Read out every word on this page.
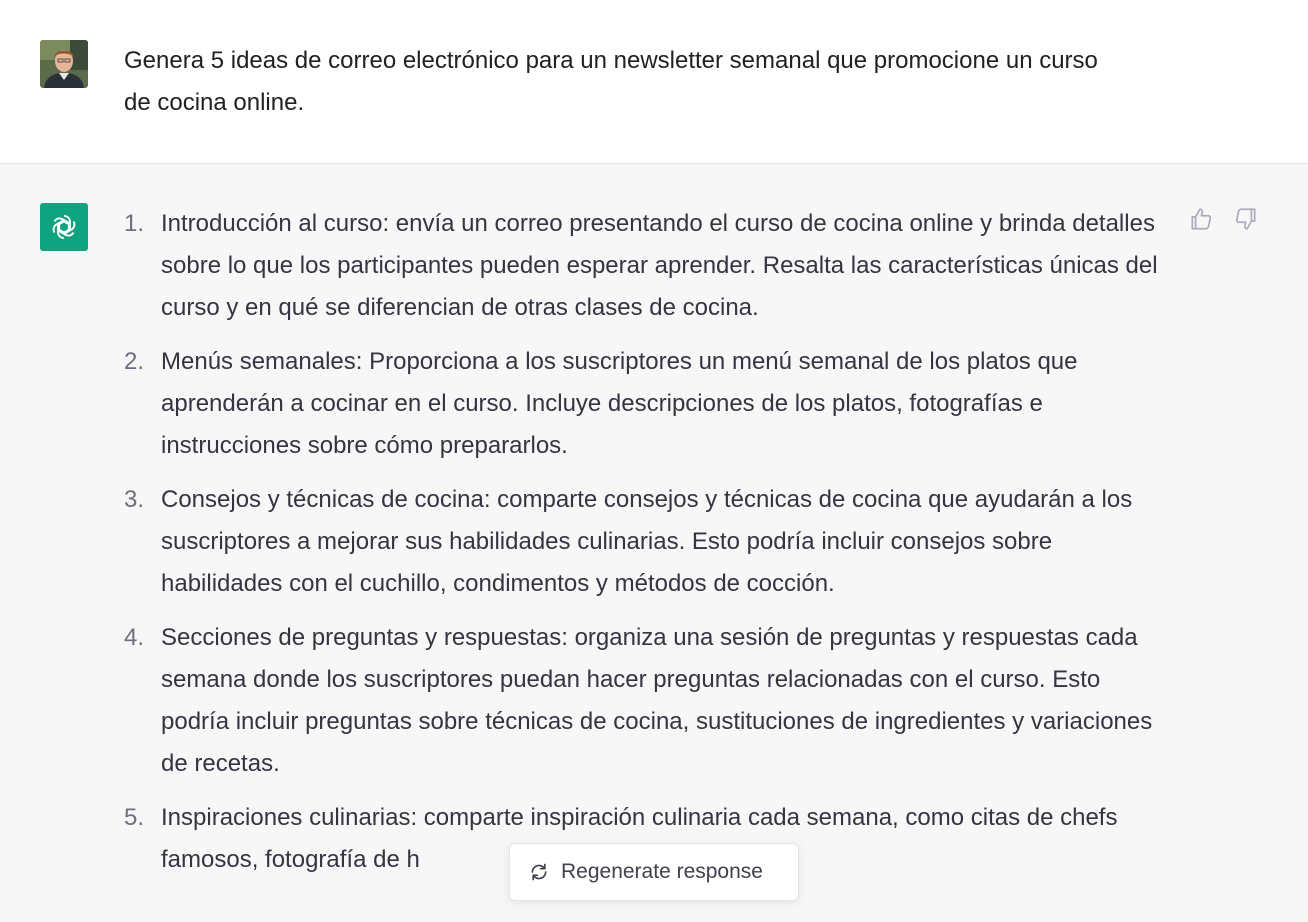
Genera 5 ideas de correo electrónico para un newsletter semanal que promocione un curso de cocina online.

1. Introducción al curso: envía un correo presentando el curso de cocina online y brinda detalles sobre lo que los participantes pueden esperar aprender. Resalta las características únicas del curso y en qué se diferencian de otras clases de cocina.
2. Menús semanales: Proporciona a los suscriptores un menú semanal de los platos que aprenderán a cocinar en el curso. Incluye descripciones de los platos, fotografías e instrucciones sobre cómo prepararlos.
3. Consejos y técnicas de cocina: comparte consejos y técnicas de cocina que ayudarán a los suscriptores a mejorar sus habilidades culinarias. Esto podría incluir consejos sobre habilidades con el cuchillo, condimentos y métodos de cocción.
4. Secciones de preguntas y respuestas: organiza una sesión de preguntas y respuestas cada semana donde los suscriptores puedan hacer preguntas relacionadas con el curso. Esto podría incluir preguntas sobre técnicas de cocina, sustituciones de ingredientes y variaciones de recetas.
5. Inspiraciones culinarias: comparte inspiración culinaria cada semana, como citas de chefs famosos, fotografía de h	Regenerate response
